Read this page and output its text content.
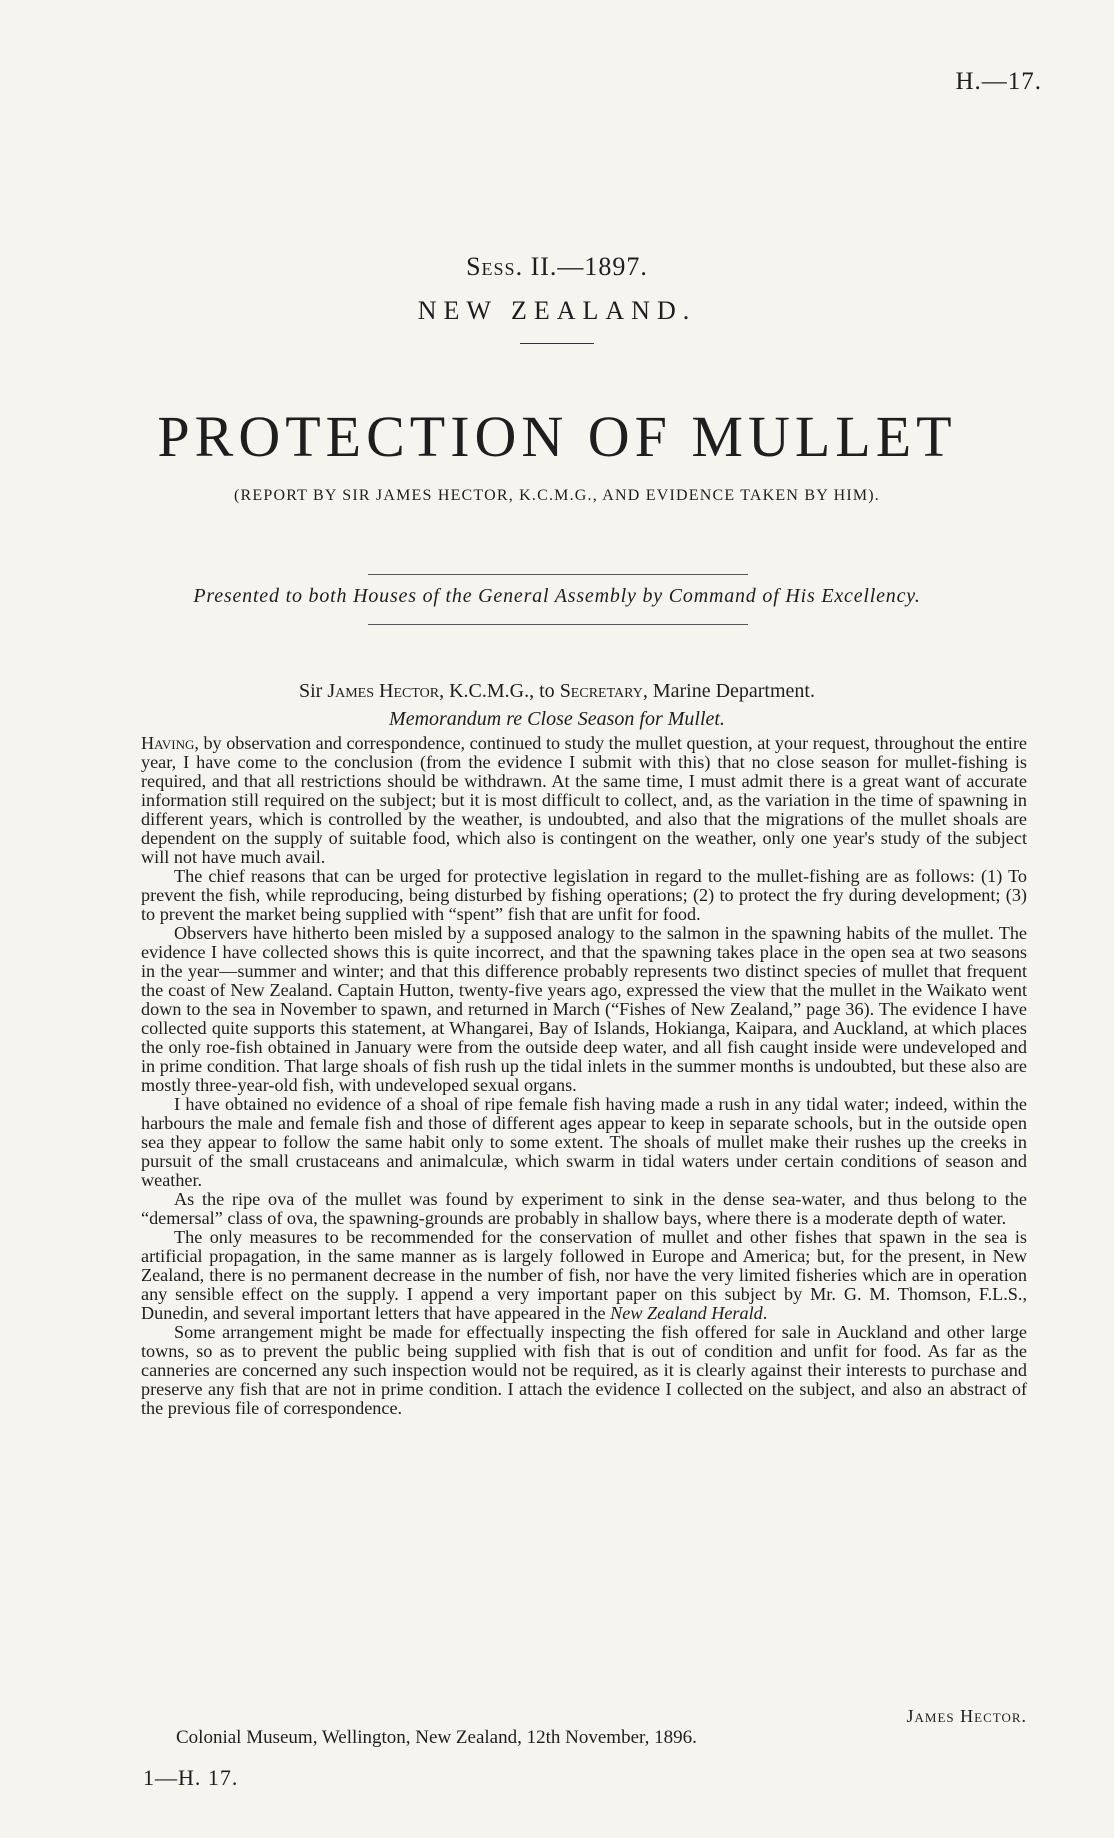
H.—17.
Sess. II.—1897.
NEW ZEALAND.
PROTECTION OF MULLET
(REPORT BY SIR JAMES HECTOR, K.C.M.G., AND EVIDENCE TAKEN BY HIM).
Presented to both Houses of the General Assembly by Command of His Excellency.
Sir James Hector, K.C.M.G., to Secretary, Marine Department.
Memorandum re Close Season for Mullet.

Having, by observation and correspondence, continued to study the mullet question, at your request, throughout the entire year, I have come to the conclusion (from the evidence I submit with this) that no close season for mullet-fishing is required, and that all restrictions should be withdrawn. At the same time, I must admit there is a great want of accurate information still required on the subject; but it is most difficult to collect, and, as the variation in the time of spawning in different years, which is controlled by the weather, is undoubted, and also that the migrations of the mullet shoals are dependent on the supply of suitable food, which also is contingent on the weather, only one year's study of the subject will not have much avail.

The chief reasons that can be urged for protective legislation in regard to the mullet-fishing are as follows: (1) To prevent the fish, while reproducing, being disturbed by fishing operations; (2) to protect the fry during development; (3) to prevent the market being supplied with “spent” fish that are unfit for food.

Observers have hitherto been misled by a supposed analogy to the salmon in the spawning habits of the mullet. The evidence I have collected shows this is quite incorrect, and that the spawning takes place in the open sea at two seasons in the year—summer and winter; and that this difference probably represents two distinct species of mullet that frequent the coast of New Zealand. Captain Hutton, twenty-five years ago, expressed the view that the mullet in the Waikato went down to the sea in November to spawn, and returned in March (“Fishes of New Zealand,” page 36). The evidence I have collected quite supports this statement, at Whangarei, Bay of Islands, Hokianga, Kaipara, and Auckland, at which places the only roe-fish obtained in January were from the outside deep water, and all fish caught inside were undeveloped and in prime condition. That large shoals of fish rush up the tidal inlets in the summer months is undoubted, but these also are mostly three-year-old fish, with undeveloped sexual organs.

I have obtained no evidence of a shoal of ripe female fish having made a rush in any tidal water; indeed, within the harbours the male and female fish and those of different ages appear to keep in separate schools, but in the outside open sea they appear to follow the same habit only to some extent. The shoals of mullet make their rushes up the creeks in pursuit of the small crustaceans and animalculæ, which swarm in tidal waters under certain conditions of season and weather.

As the ripe ova of the mullet was found by experiment to sink in the dense sea-water, and thus belong to the “demersal” class of ova, the spawning-grounds are probably in shallow bays, where there is a moderate depth of water.

The only measures to be recommended for the conservation of mullet and other fishes that spawn in the sea is artificial propagation, in the same manner as is largely followed in Europe and America; but, for the present, in New Zealand, there is no permanent decrease in the number of fish, nor have the very limited fisheries which are in operation any sensible effect on the supply. I append a very important paper on this subject by Mr. G. M. Thomson, F.L.S., Dunedin, and several important letters that have appeared in the New Zealand Herald.

Some arrangement might be made for effectually inspecting the fish offered for sale in Auckland and other large towns, so as to prevent the public being supplied with fish that is out of condition and unfit for food. As far as the canneries are concerned any such inspection would not be required, as it is clearly against their interests to purchase and preserve any fish that are not in prime condition. I attach the evidence I collected on the subject, and also an abstract of the previous file of correspondence.

James Hector.
Colonial Museum, Wellington, New Zealand, 12th November, 1896.
1—H. 17.
